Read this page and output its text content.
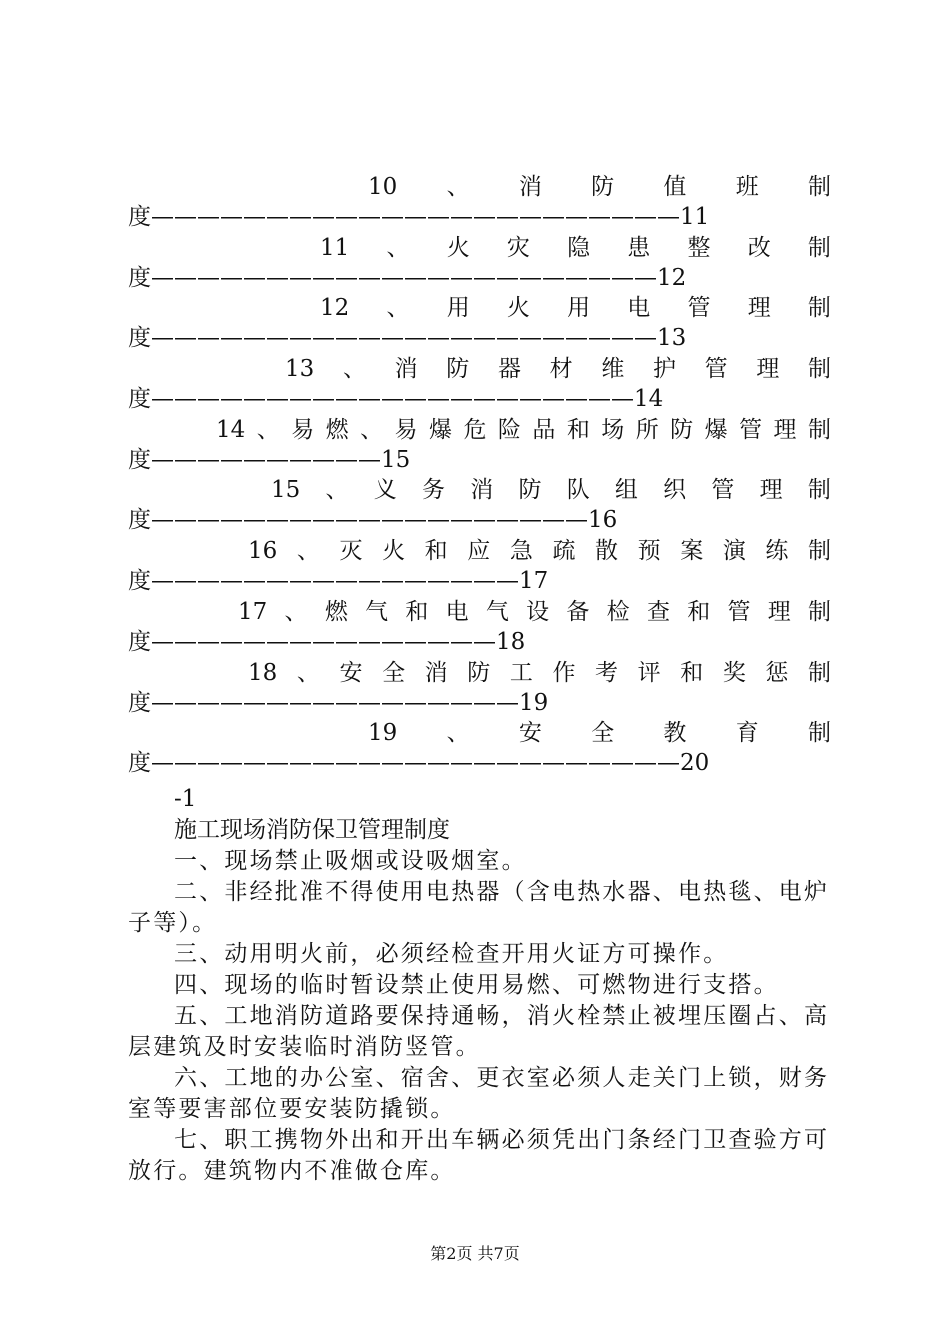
10 、 消 防 值 班 制
度———————————————————————11
11 、 火 灾 隐 患 整 改 制
度——————————————————————12
12 、 用 火 用 电 管 理 制
度——————————————————————13
13 、 消 防 器 材 维 护 管 理 制
度—————————————————————14
14 、 易 燃 、 易 爆 危 险 品 和 场 所 防 爆 管 理 制
度——————————15
15 、 义 务 消 防 队 组 织 管 理 制
度———————————————————16
16 、 灭 火 和 应 急 疏 散 预 案 演 练 制
度————————————————17
17 、 燃 气 和 电 气 设 备 检 查 和 管 理 制
度———————————————18
18 、 安 全 消 防 工 作 考 评 和 奖 惩 制
度————————————————19
19 、 安 全 教 育 制
度———————————————————————20
-1
施工现场消防保卫管理制度

一、现场禁止吸烟或设吸烟室。

二、非经批准不得使用电热器（含电热水器、电热毯、电炉子等）。

三、动用明火前，必须经检查开用火证方可操作。

四、现场的临时暂设禁止使用易燃、可燃物进行支搭。

五、工地消防道路要保持通畅，消火栓禁止被埋压圈占、高层建筑及时安装临时消防竖管。

六、工地的办公室、宿舍、更衣室必须人走关门上锁，财务室等要害部位要安装防撬锁。

七、职工携物外出和开出车辆必须凭出门条经门卫查验方可放行。建筑物内不准做仓库。

第2页 共7页
